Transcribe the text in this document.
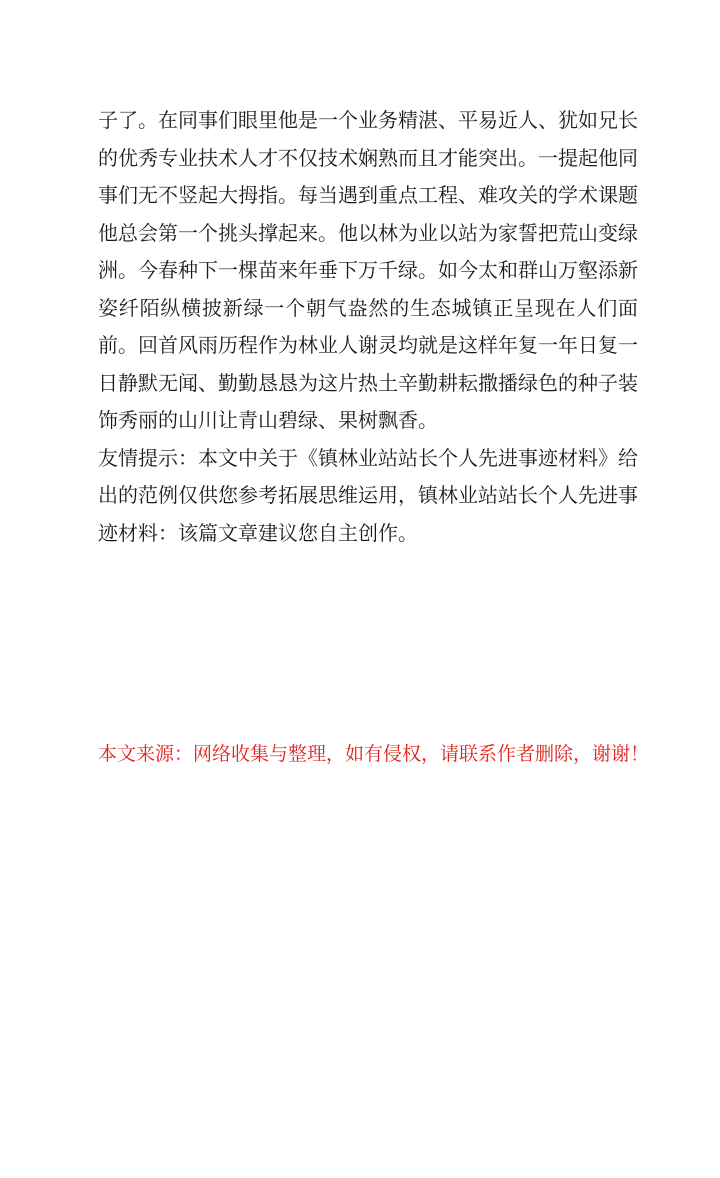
子了。在同事们眼里他是一个业务精湛、平易近人、犹如兄长的优秀专业扶术人才不仅技术娴熟而且才能突出。一提起他同事们无不竖起大拇指。每当遇到重点工程、难攻关的学术课题他总会第一个挑头撑起来。他以林为业以站为家誓把荒山变绿洲。今春种下一棵苗来年垂下万千绿。如今太和群山万壑添新姿纤陌纵横披新绿一个朝气盎然的生态城镇正呈现在人们面前。回首风雨历程作为林业人谢灵均就是这样年复一年日复一日静默无闻、勤勤恳恳为这片热土辛勤耕耘撒播绿色的种子装饰秀丽的山川让青山碧绿、果树飘香。

友情提示：本文中关于《镇林业站站长个人先进事迹材料》给出的范例仅供您参考拓展思维运用，镇林业站站长个人先进事迹材料：该篇文章建议您自主创作。

本文来源：网络收集与整理，如有侵权，请联系作者删除，谢谢！
